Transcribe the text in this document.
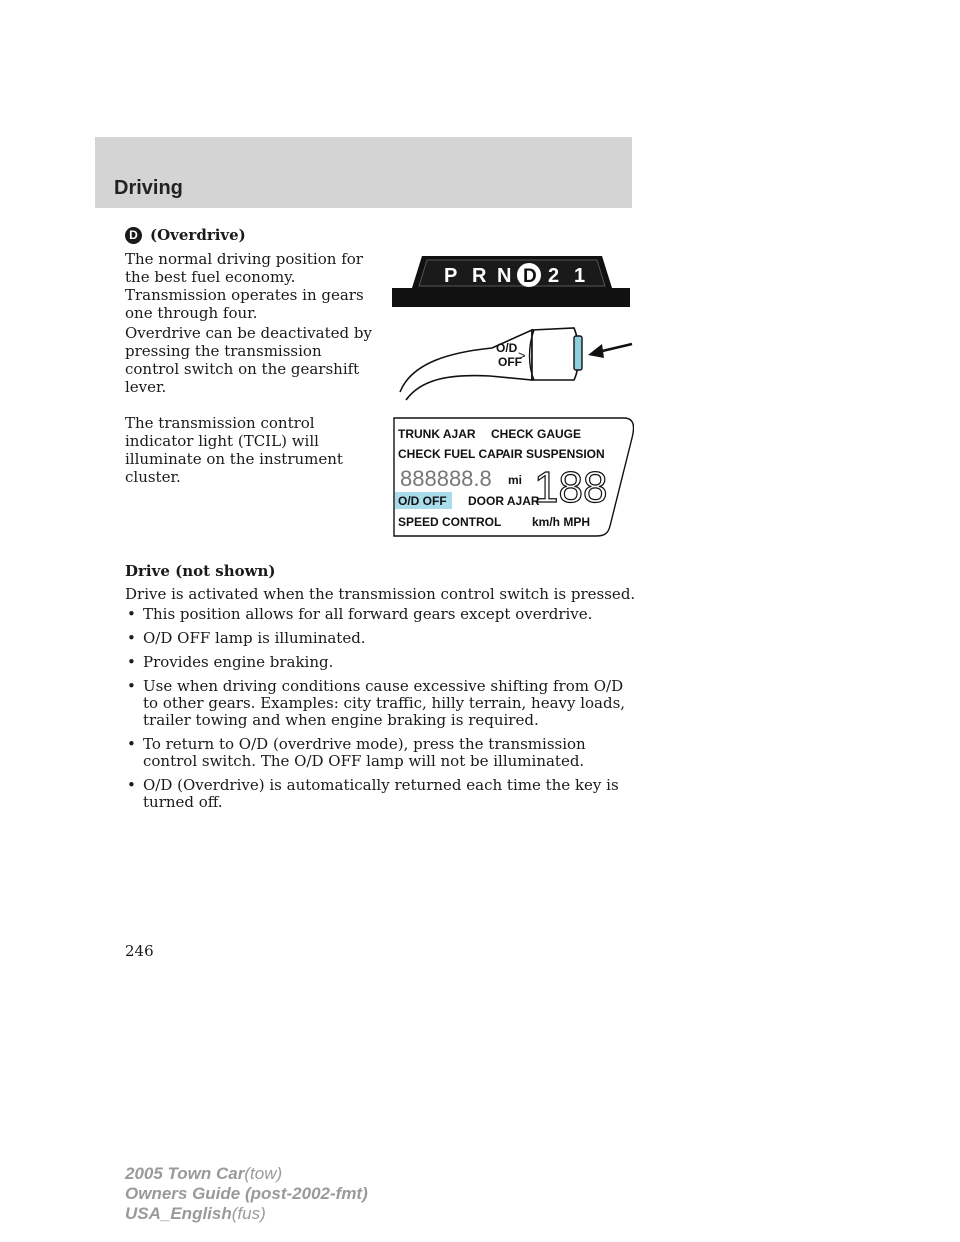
Driving
D (Overdrive)
The normal driving position for the best fuel economy. Transmission operates in gears one through four.
Overdrive can be deactivated by pressing the transmission control switch on the gearshift lever.
The transmission control indicator light (TCIL) will illuminate on the instrument cluster.
P R N D 2 1
O/D
OFF
>
TRUNK AJAR CHECK GAUGE
CHECK FUEL CAP
AIR SUSPENSION
888888.8 mi 188
O/D OFF DOOR AJAR
SPEED CONTROL	km/h MPH
Drive (not shown)
Drive is activated when the transmission control switch is pressed.
• This position allows for all forward gears except overdrive.
• O/D OFF lamp is illuminated.
• Provides engine braking.
• Use when driving conditions cause excessive shifting from O/D to other gears. Examples: city traffic, hilly terrain, heavy loads, trailer towing and when engine braking is required.
• To return to O/D (overdrive mode), press the transmission control switch. The O/D OFF lamp will not be illuminated.
• O/D (Overdrive) is automatically returned each time the key is turned off.
246
2005 Town Car(tow)
Owners Guide (post-2002-fmt)
USA_English(fus)
